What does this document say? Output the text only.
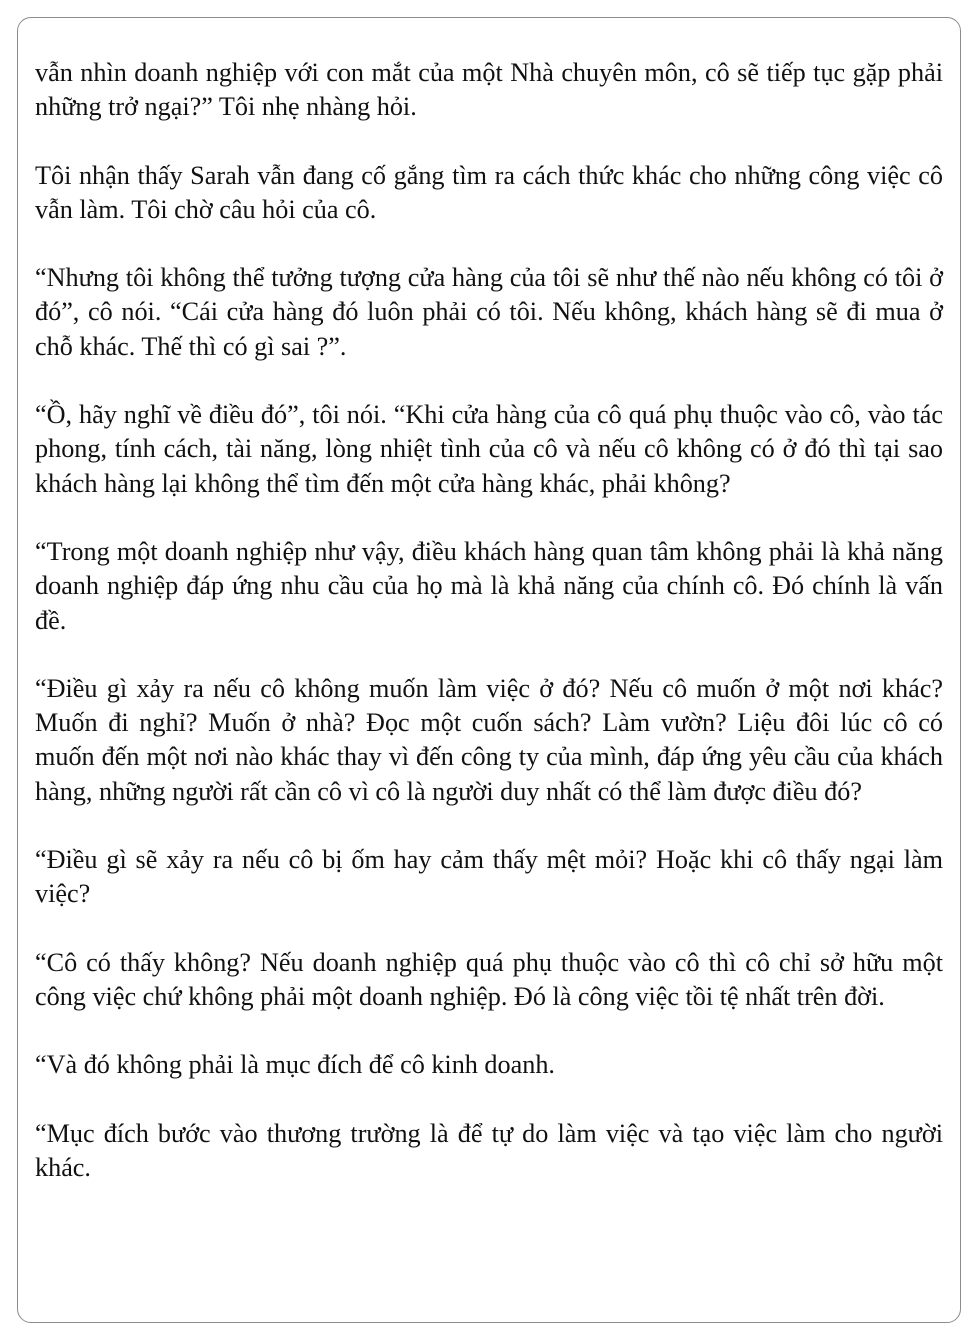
vẫn nhìn doanh nghiệp với con mắt của một Nhà chuyên môn, cô sẽ tiếp tục gặp phải những trở ngại?” Tôi nhẹ nhàng hỏi.

Tôi nhận thấy Sarah vẫn đang cố gắng tìm ra cách thức khác cho những công việc cô vẫn làm. Tôi chờ câu hỏi của cô.

“Nhưng tôi không thể tưởng tượng cửa hàng của tôi sẽ như thế nào nếu không có tôi ở đó”, cô nói. “Cái cửa hàng đó luôn phải có tôi. Nếu không, khách hàng sẽ đi mua ở chỗ khác. Thế thì có gì sai ?”.

“Ồ, hãy nghĩ về điều đó”, tôi nói. “Khi cửa hàng của cô quá phụ thuộc vào cô, vào tác phong, tính cách, tài năng, lòng nhiệt tình của cô và nếu cô không có ở đó thì tại sao khách hàng lại không thể tìm đến một cửa hàng khác, phải không?

“Trong một doanh nghiệp như vậy, điều khách hàng quan tâm không phải là khả năng doanh nghiệp đáp ứng nhu cầu của họ mà là khả năng của chính cô. Đó chính là vấn đề.

“Điều gì xảy ra nếu cô không muốn làm việc ở đó? Nếu cô muốn ở một nơi khác? Muốn đi nghỉ? Muốn ở nhà? Đọc một cuốn sách? Làm vườn? Liệu đôi lúc cô có muốn đến một nơi nào khác thay vì đến công ty của mình, đáp ứng yêu cầu của khách hàng, những người rất cần cô vì cô là người duy nhất có thể làm được điều đó?

“Điều gì sẽ xảy ra nếu cô bị ốm hay cảm thấy mệt mỏi? Hoặc khi cô thấy ngại làm việc?

“Cô có thấy không? Nếu doanh nghiệp quá phụ thuộc vào cô thì cô chỉ sở hữu một công việc chứ không phải một doanh nghiệp. Đó là công việc tồi tệ nhất trên đời.

“Và đó không phải là mục đích để cô kinh doanh.

“Mục đích bước vào thương trường là để tự do làm việc và tạo việc làm cho người khác.
